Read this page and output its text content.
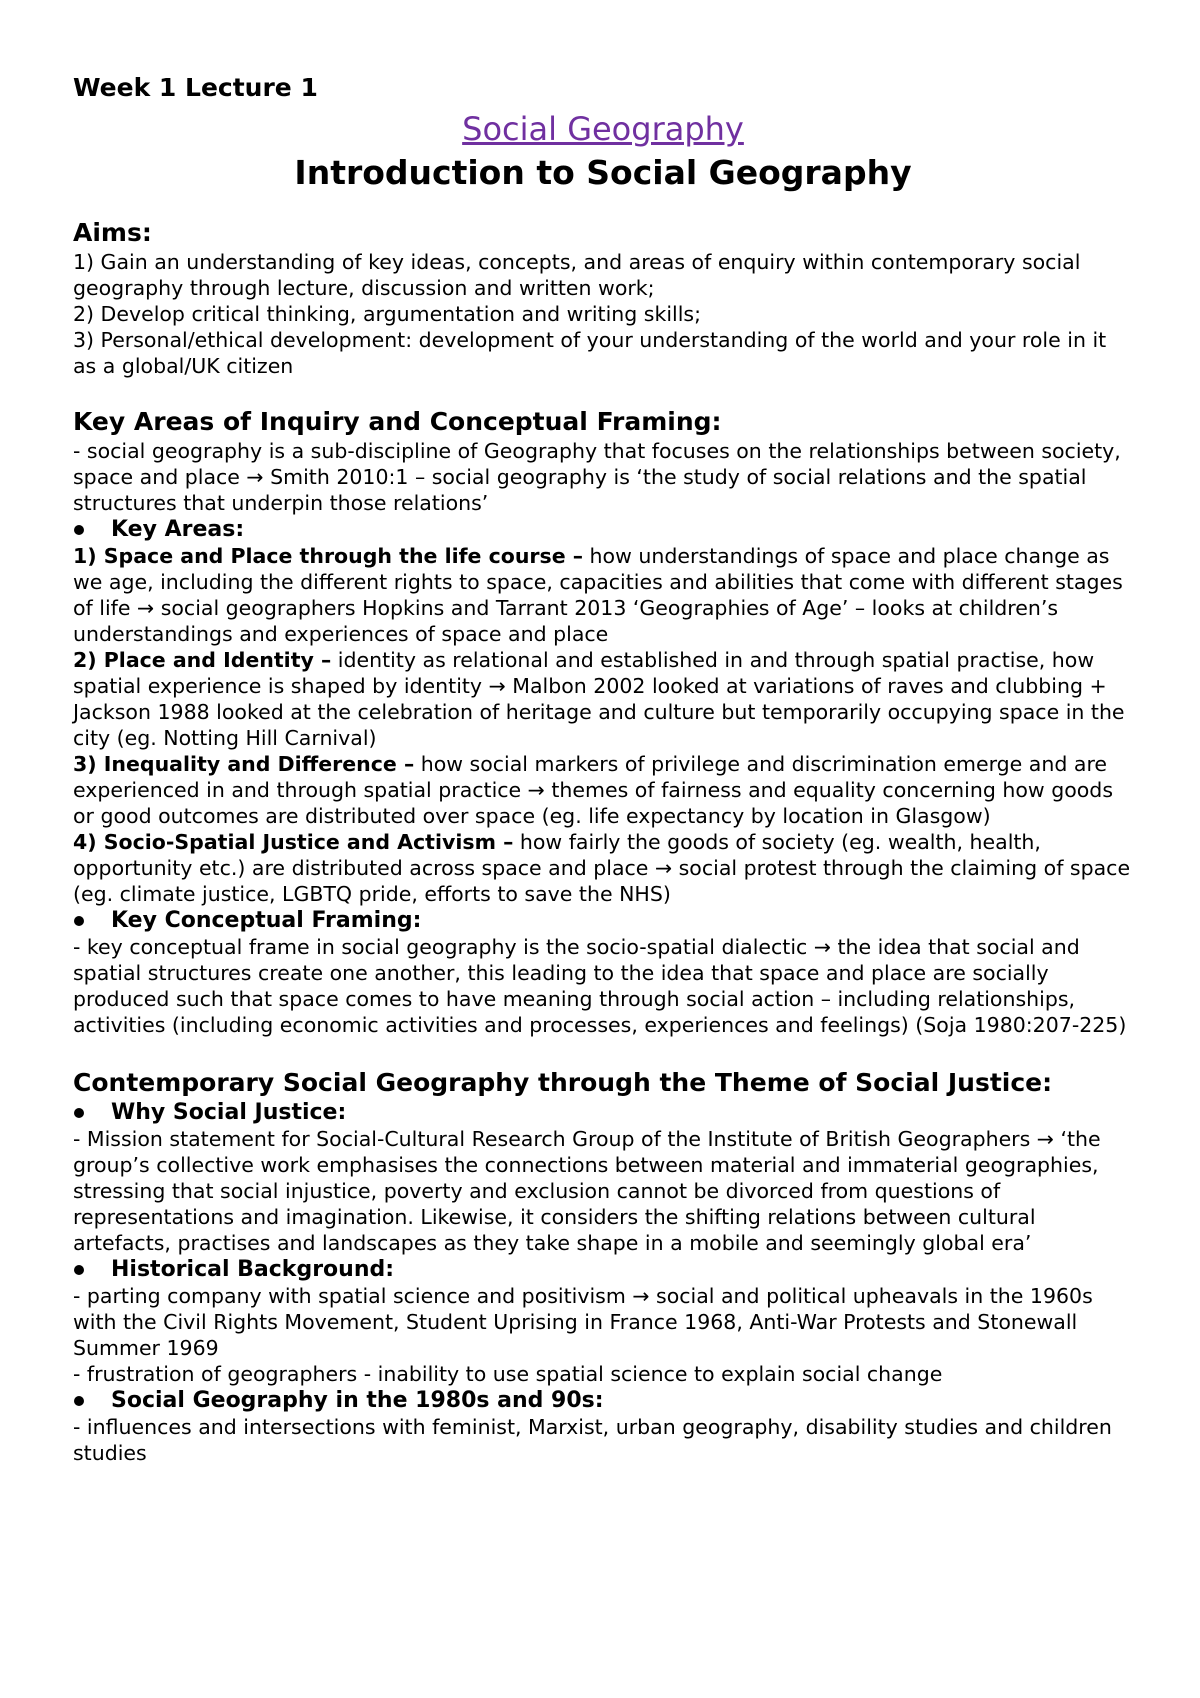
Week 1 Lecture 1
Social Geography
Introduction to Social Geography
Aims:

1) Gain an understanding of key ideas, concepts, and areas of enquiry within contemporary social geography through lecture, discussion and written work;

2) Develop critical thinking, argumentation and writing skills;

3) Personal/ethical development: development of your understanding of the world and your role in it as a global/UK citizen

Key Areas of Inquiry and Conceptual Framing:

- social geography is a sub-discipline of Geography that focuses on the relationships between society, space and place → Smith 2010:1 – social geography is ‘the study of social relations and the spatial structures that underpin those relations’

Key Areas:

1) Space and Place through the life course – how understandings of space and place change as we age, including the different rights to space, capacities and abilities that come with different stages of life → social geographers Hopkins and Tarrant 2013 ‘Geographies of Age’ – looks at children’s understandings and experiences of space and place

2) Place and Identity – identity as relational and established in and through spatial practise, how spatial experience is shaped by identity → Malbon 2002 looked at variations of raves and clubbing + Jackson 1988 looked at the celebration of heritage and culture but temporarily occupying space in the city (eg. Notting Hill Carnival)

3) Inequality and Difference – how social markers of privilege and discrimination emerge and are experienced in and through spatial practice → themes of fairness and equality concerning how goods or good outcomes are distributed over space (eg. life expectancy by location in Glasgow)

4) Socio-Spatial Justice and Activism – how fairly the goods of society (eg. wealth, health, opportunity etc.) are distributed across space and place → social protest through the claiming of space (eg. climate justice, LGBTQ pride, efforts to save the NHS)

Key Conceptual Framing:

- key conceptual frame in social geography is the socio-spatial dialectic → the idea that social and spatial structures create one another, this leading to the idea that space and place are socially produced such that space comes to have meaning through social action – including relationships, activities (including economic activities and processes, experiences and feelings) (Soja 1980:207-225)

Contemporary Social Geography through the Theme of Social Justice:
Why Social Justice:

- Mission statement for Social-Cultural Research Group of the Institute of British Geographers → ‘the group’s collective work emphasises the connections between material and immaterial geographies, stressing that social injustice, poverty and exclusion cannot be divorced from questions of representations and imagination. Likewise, it considers the shifting relations between cultural artefacts, practises and landscapes as they take shape in a mobile and seemingly global era’

Historical Background:

- parting company with spatial science and positivism → social and political upheavals in the 1960s with the Civil Rights Movement, Student Uprising in France 1968, Anti-War Protests and Stonewall Summer 1969

- frustration of geographers - inability to use spatial science to explain social change

Social Geography in the 1980s and 90s:

- influences and intersections with feminist, Marxist, urban geography, disability studies and children studies
